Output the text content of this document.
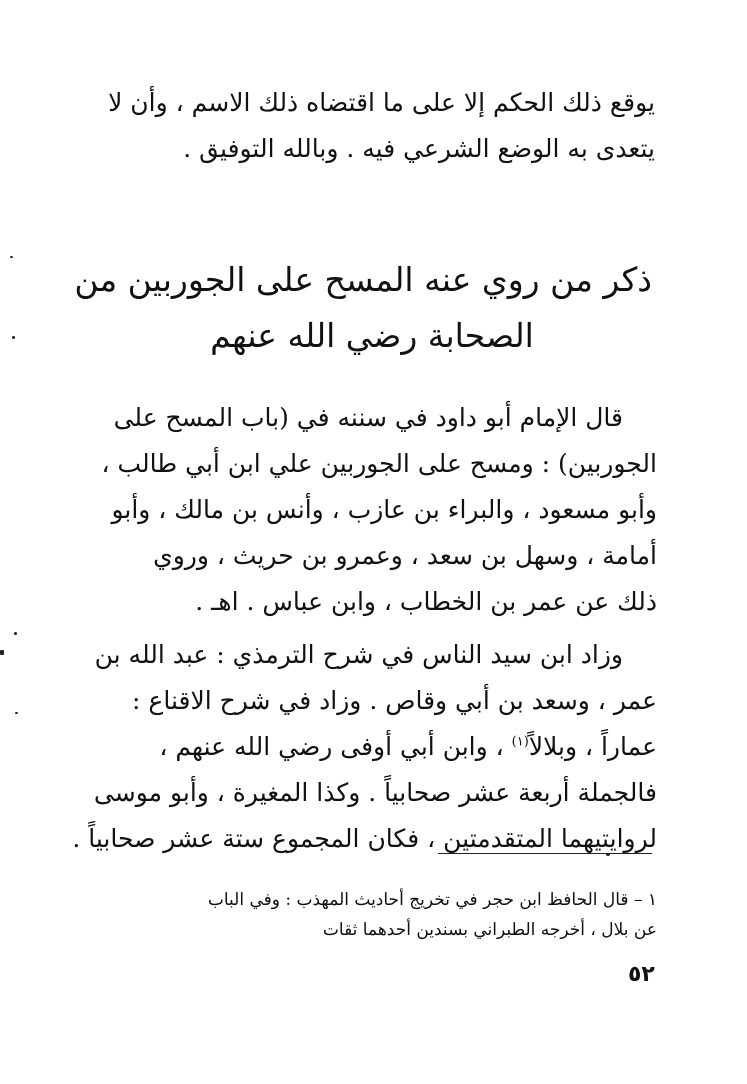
يوقع ذلك الحكم إلا على ما اقتضاه ذلك الاسم ، وأن لا
يتعدى به الوضع الشرعي فيه . وبالله التوفيق .
ذكر من روي عنه المسح على الجوربين من
الصحابة رضي الله عنهم
قال الإمام أبو داود في سننه في (باب المسح على
الجوربين) : ومسح على الجوربين علي ابن أبي طالب ،
وأبو مسعود ، والبراء بن عازب ، وأنس بن مالك ، وأبو
أمامة ، وسهل بن سعد ، وعمرو بن حريث ، وروي
ذلك عن عمر بن الخطاب ، وابن عباس . اهـ .
وزاد ابن سيد الناس في شرح الترمذي : عبد الله بن
عمر ، وسعد بن أبي وقاص . وزاد في شرح الاقناع :
عماراً ، وبلالاً$^{(١)}$ ، وابن أبي أوفى رضي الله عنهم ،
فالجملة أربعة عشر صحابياً . وكذا المغيرة ، وأبو موسى
لروايتيهما المتقدمتين ، فكان المجموع ستة عشر صحابياً .
١ – قال الحافظ ابن حجر في تخريج أحاديث المهذب : وفي الباب
عن بلال ، أخرجه الطبراني بسندين أحدهما ثقات
٥٢
